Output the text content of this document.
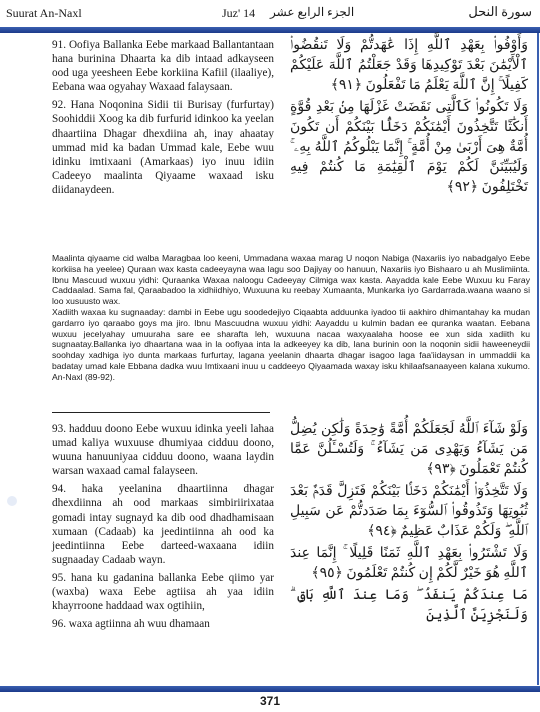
Suurat An-Naxl	Juz' 14 الجزء الرابع عشر	سورة النحل

91. Oofiya Ballanka Eebe markaad Ballantantaan hana burinina Dhaarta ka dib intaad adkayseen ood uga yeesheen Eebe korkiina Kafiil (ilaaliye), Eebana waa ogyahay Waxaad falaysaan.

92. Hana Noqonina Sidii tii Burisay (furfurtay) Soohiddii Xoog ka dib furfurid idinkoo ka yeelan dhaartiina Dhagar dhexdiina ah, inay ahaatay ummad mid ka badan Ummad kale, Eebe wuu idinku imtixaani (Amarkaas) iyo inuu idiin Cadeeyo maalinta Qiyaame waxaad isku diidanaydeen.

وَأَوْفُوا۟ بِعَهْدِ ٱللَّهِ إِذَا عَٰهَدتُّمْ وَلَا تَنقُضُوا۟ ٱلْأَيْمَٰنَ بَعْدَ تَوْكِيدِهَا وَقَدْ جَعَلْتُمُ ٱللَّهَ عَلَيْكُمْ كَفِيلًا ۚ إِنَّ ٱللَّهَ يَعْلَمُ مَا تَفْعَلُونَ ﴿٩١﴾

وَلَا تَكُونُوا۟ كَٱلَّتِى نَقَضَتْ غَزْلَهَا مِنۢ بَعْدِ قُوَّةٍ أَنكَٰثًا تَتَّخِذُونَ أَيْمَٰنَكُمْ دَخَلًۢا بَيْنَكُمْ أَن تَكُونَ أُمَّةٌ هِىَ أَرْبَىٰ مِنْ أُمَّةٍ ۚ إِنَّمَا يَبْلُوكُمُ ٱللَّهُ بِهِۦ ۚ وَلَيُبَيِّنَنَّ لَكُمْ يَوْمَ ٱلْقِيَٰمَةِ مَا كُنتُمْ فِيهِ تَخْتَلِفُونَ ﴿٩٢﴾

Maalinta qiyaame cid walba Maragbaa loo keeni, Ummadana waxaa marag U noqon Nabiga (Naxariis iyo nabadgalyo Eebe korkiisa ha yeelee) Quraan wax kasta cadeeyayna waa lagu soo Dajiyay oo hanuun, Naxariis iyo Bishaaro u ah Muslimiinta. Ibnu Mascuud wuxuu yidhi: Quraanka Waxaa naloogu Cadeeyay Cilmiga wax kasta. Aayadda kale Eebe Wuxuu ku Faray Caddaalad. Sama fal, Qaraabadoo la xidhiidhiyo, Wuxuuna ku reebay Xumaanta, Munkarka iyo Gardarrada.waana waano si loo xusuusto wax.

Xadiith waxaa ku sugnaaday: dambi in Eebe ugu soodedejiyo Ciqaabta adduunka iyadoo tii aakhiro dhimantahay ka mudan gardarro iyo qaraabo goys ma jiro. Ibnu Mascuudna wuxuu yidhi: Aayaddu u kulmin badan ee quranka waatan. Eebana wuxuu jeceIyahay umuuraha sare ee sharafta leh, wuxuuna nacaa waxyaalaha hoose ee xun sida xadiith ku sugnaatay.Ballanka iyo dhaartana waa in la oofiyaa inta la adkeeyey ka dib, lana burinin oon la noqonin sidii haweeneydii soohday xadhiga iyo dunta markaas furfurtay, lagana yeelanin dhaarta dhagar isagoo laga faa'iidaysan in ummaddii ka badatay umad kale Ebbana dadka wuu Imtixaani inuu u caddeeyo Qiyaamada waxay isku khilaafsanaayeen kalana xukumo. An-Naxl (89-92).

93. hadduu doono Eebe wuxuu idinka yeeli lahaa umad kaliya wuxuuse dhumiyaa cidduu doono, wuuna hanuuniyaa cidduu doono, waana laydin warsan waxaad camal falayseen.

94. haka yeelanina dhaartiinna dhagar dhexdiinna ah ood markaas simbiriirixataa gomadi intay sugnayd ka dib ood dhadhamisaan xumaan (Cadaab) ka jeedintiinna ah ood ka jeedintiinna Eebe darteed-waxaana idiin sugnaaday Cadaab wayn.

95. hana ku gadanina ballanka Eebe qiimo yar (waxba) waxa Eebe agtiisa ah yaa idiin khayrroone haddaad wax ogtihiin,

96. waxa agtiinna ah wuu dhamaan

وَلَوْ شَآءَ ٱللَّهُ لَجَعَلَكُمْ أُمَّةً وَٰحِدَةً وَلَٰكِن يُضِلُّ مَن يَشَآءُ وَيَهْدِى مَن يَشَآءُ ۚ وَلَتُسْـَٔلُنَّ عَمَّا كُنتُمْ تَعْمَلُونَ ﴿٩٣﴾

وَلَا تَتَّخِذُوٓا۟ أَيْمَٰنَكُمْ دَخَلًۢا بَيْنَكُمْ فَتَزِلَّ قَدَمٌۢ بَعْدَ ثُبُوتِهَا وَتَذُوقُوا۟ ٱلسُّوٓءَ بِمَا صَدَدتُّمْ عَن سَبِيلِ ٱللَّهِ ۖ وَلَكُمْ عَذَابٌ عَظِيمٌ ﴿٩٤﴾

وَلَا تَشْتَرُوا۟ بِعَهْدِ ٱللَّهِ ثَمَنًا قَلِيلًا ۚ إِنَّمَا عِندَ ٱللَّهِ هُوَ خَيْرٌ لَّكُمْ إِن كُنتُمْ تَعْلَمُونَ ﴿٩٥﴾

مَا عِندَكُمْ يَنفَدُ ۖ وَمَا عِندَ ٱللَّهِ بَاقٍ ۗ وَلَنَجْزِيَنَّ ٱلَّذِينَ

371
